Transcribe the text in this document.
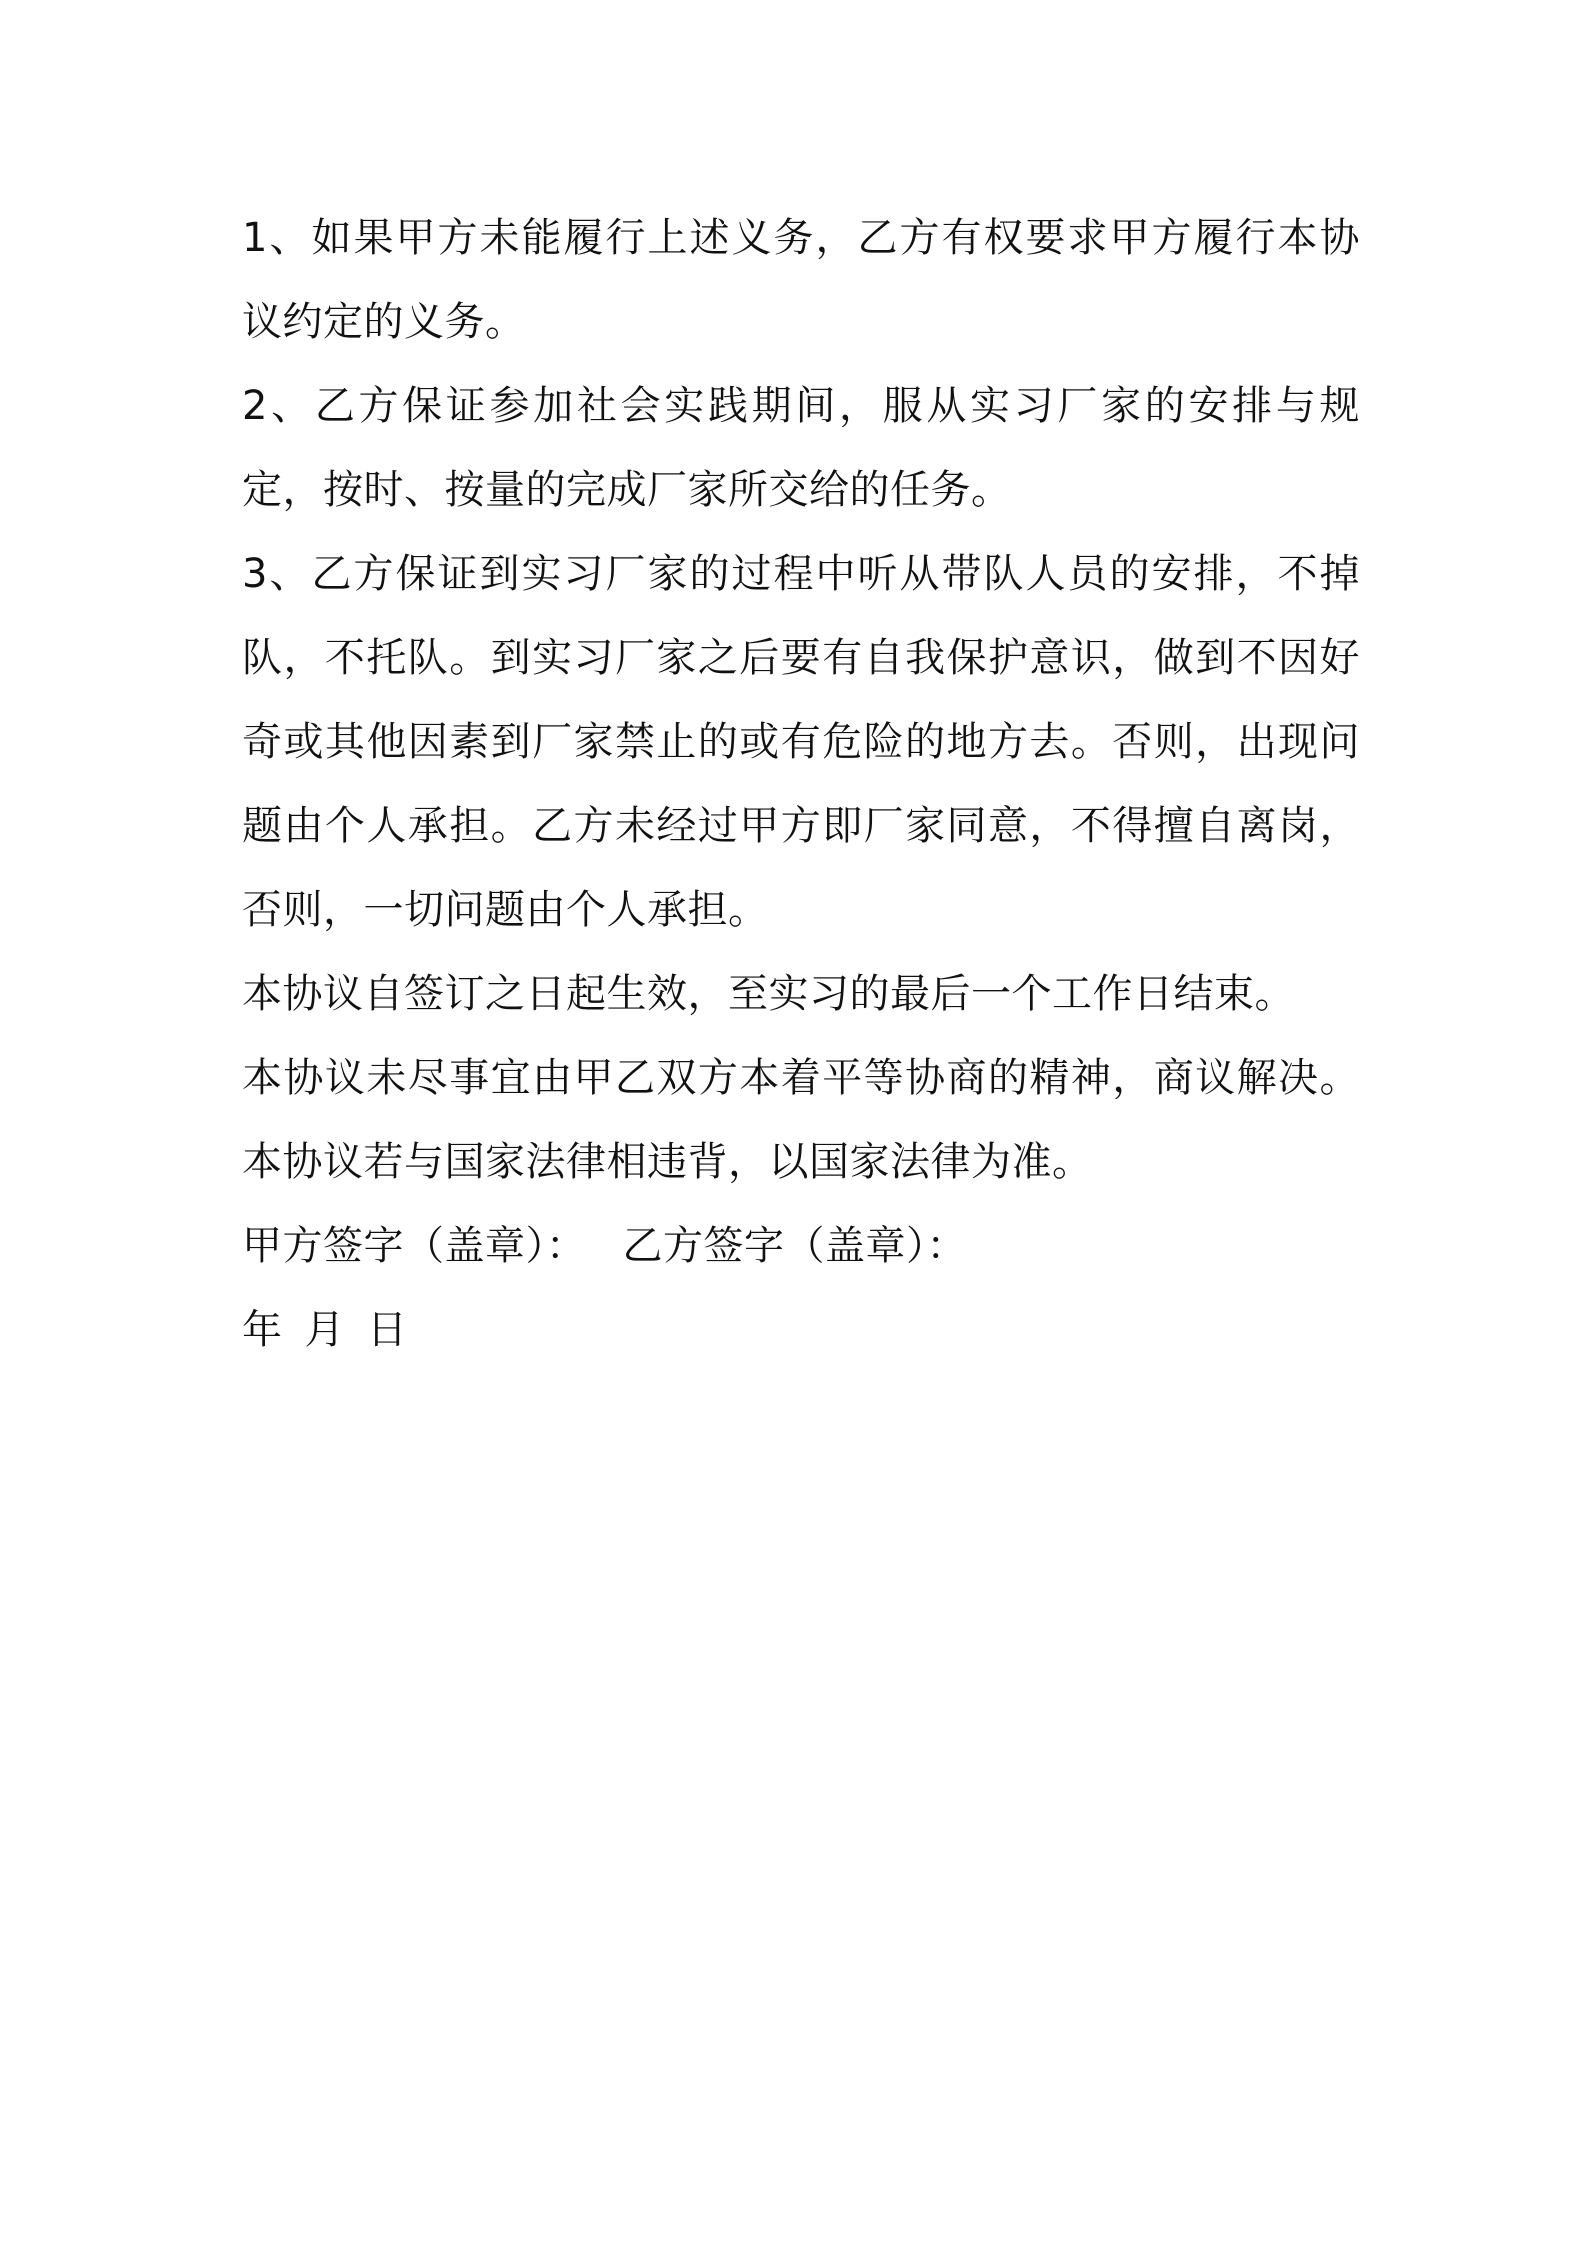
1、如果甲方未能履行上述义务，乙方有权要求甲方履行本协议约定的义务。

2、乙方保证参加社会实践期间，服从实习厂家的安排与规定，按时、按量的完成厂家所交给的任务。

3、乙方保证到实习厂家的过程中听从带队人员的安排，不掉队，不托队。到实习厂家之后要有自我保护意识，做到不因好奇或其他因素到厂家禁止的或有危险的地方去。否则，出现问题由个人承担。乙方未经过甲方即厂家同意，不得擅自离岗，否则，一切问题由个人承担。

本协议自签订之日起生效，至实习的最后一个工作日结束。

本协议未尽事宜由甲乙双方本着平等协商的精神，商议解决。本协议若与国家法律相违背，以国家法律为准。

甲方签字（盖章）： 乙方签字（盖章）：

年 月 日
